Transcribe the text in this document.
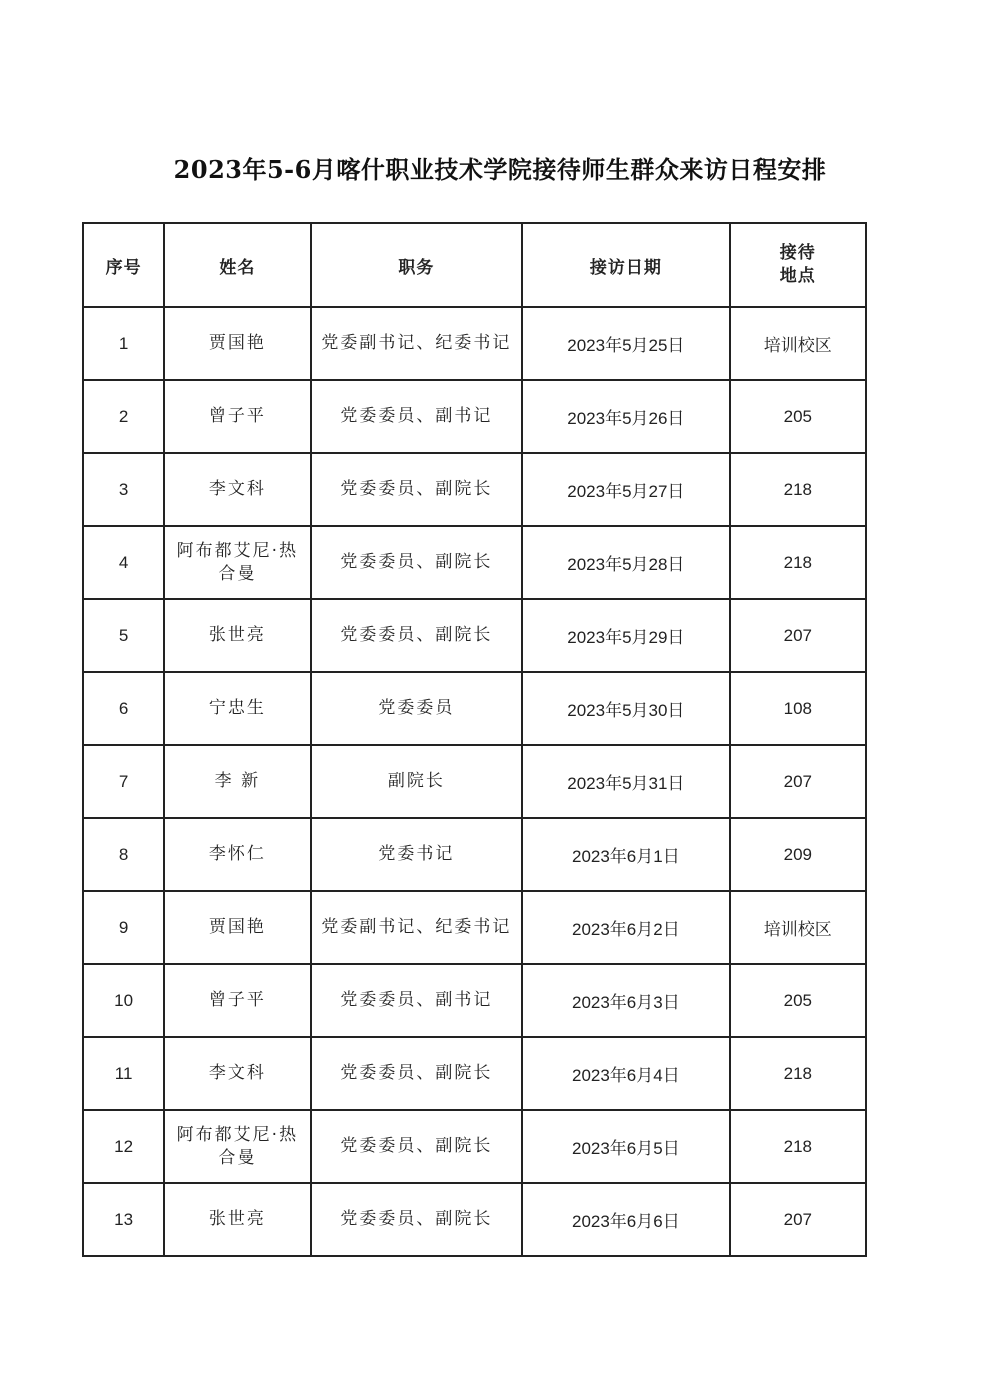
2023年5-6月喀什职业技术学院接待师生群众来访日程安排
序号	姓名	职务	接访日期	接待
地点
1	贾国艳	党委副书记、纪委书记	2023年5月25日	培训校区
2	曾子平	党委委员、副书记	2023年5月26日	205
3	李文科	党委委员、副院长	2023年5月27日	218
4	阿布都艾尼·热合曼	党委委员、副院长	2023年5月28日	218
5	张世亮	党委委员、副院长	2023年5月29日	207
6	宁忠生	党委委员	2023年5月30日	108
7	李 新	副院长	2023年5月31日	207
8	李怀仁	党委书记	2023年6月1日	209
9	贾国艳	党委副书记、纪委书记	2023年6月2日	培训校区
10	曾子平	党委委员、副书记	2023年6月3日	205
11	李文科	党委委员、副院长	2023年6月4日	218
12	阿布都艾尼·热合曼	党委委员、副院长	2023年6月5日	218
13	张世亮	党委委员、副院长	2023年6月6日	207
